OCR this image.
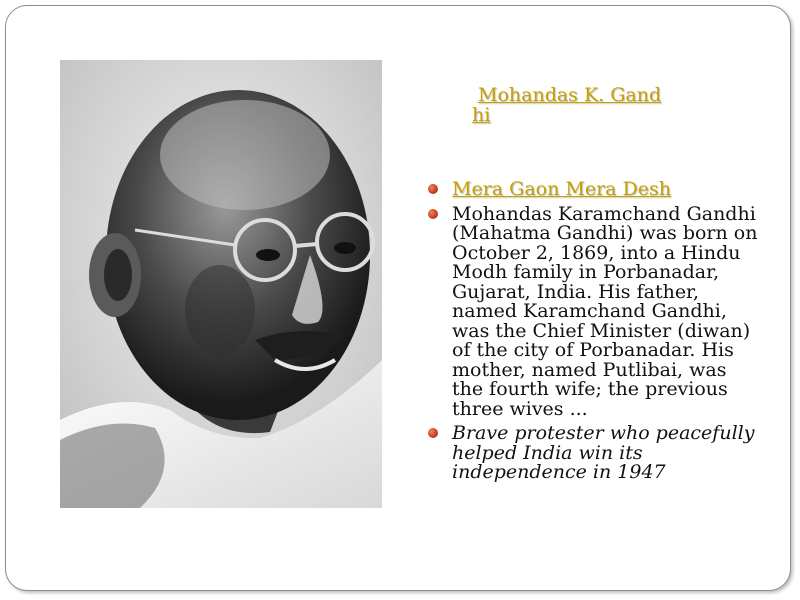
Mohandas K. Gand
hi
Mera Gaon Mera Desh
Mohandas Karamchand Gandhi (Mahatma Gandhi) was born on October 2, 1869, into a Hindu Modh family in Porbanadar, Gujarat, India. His father, named Karamchand Gandhi, was the Chief Minister (diwan) of the city of Porbanadar. His mother, named Putlibai, was the fourth wife; the previous three wives ...
Brave protester who peacefully helped India win its independence in 1947
